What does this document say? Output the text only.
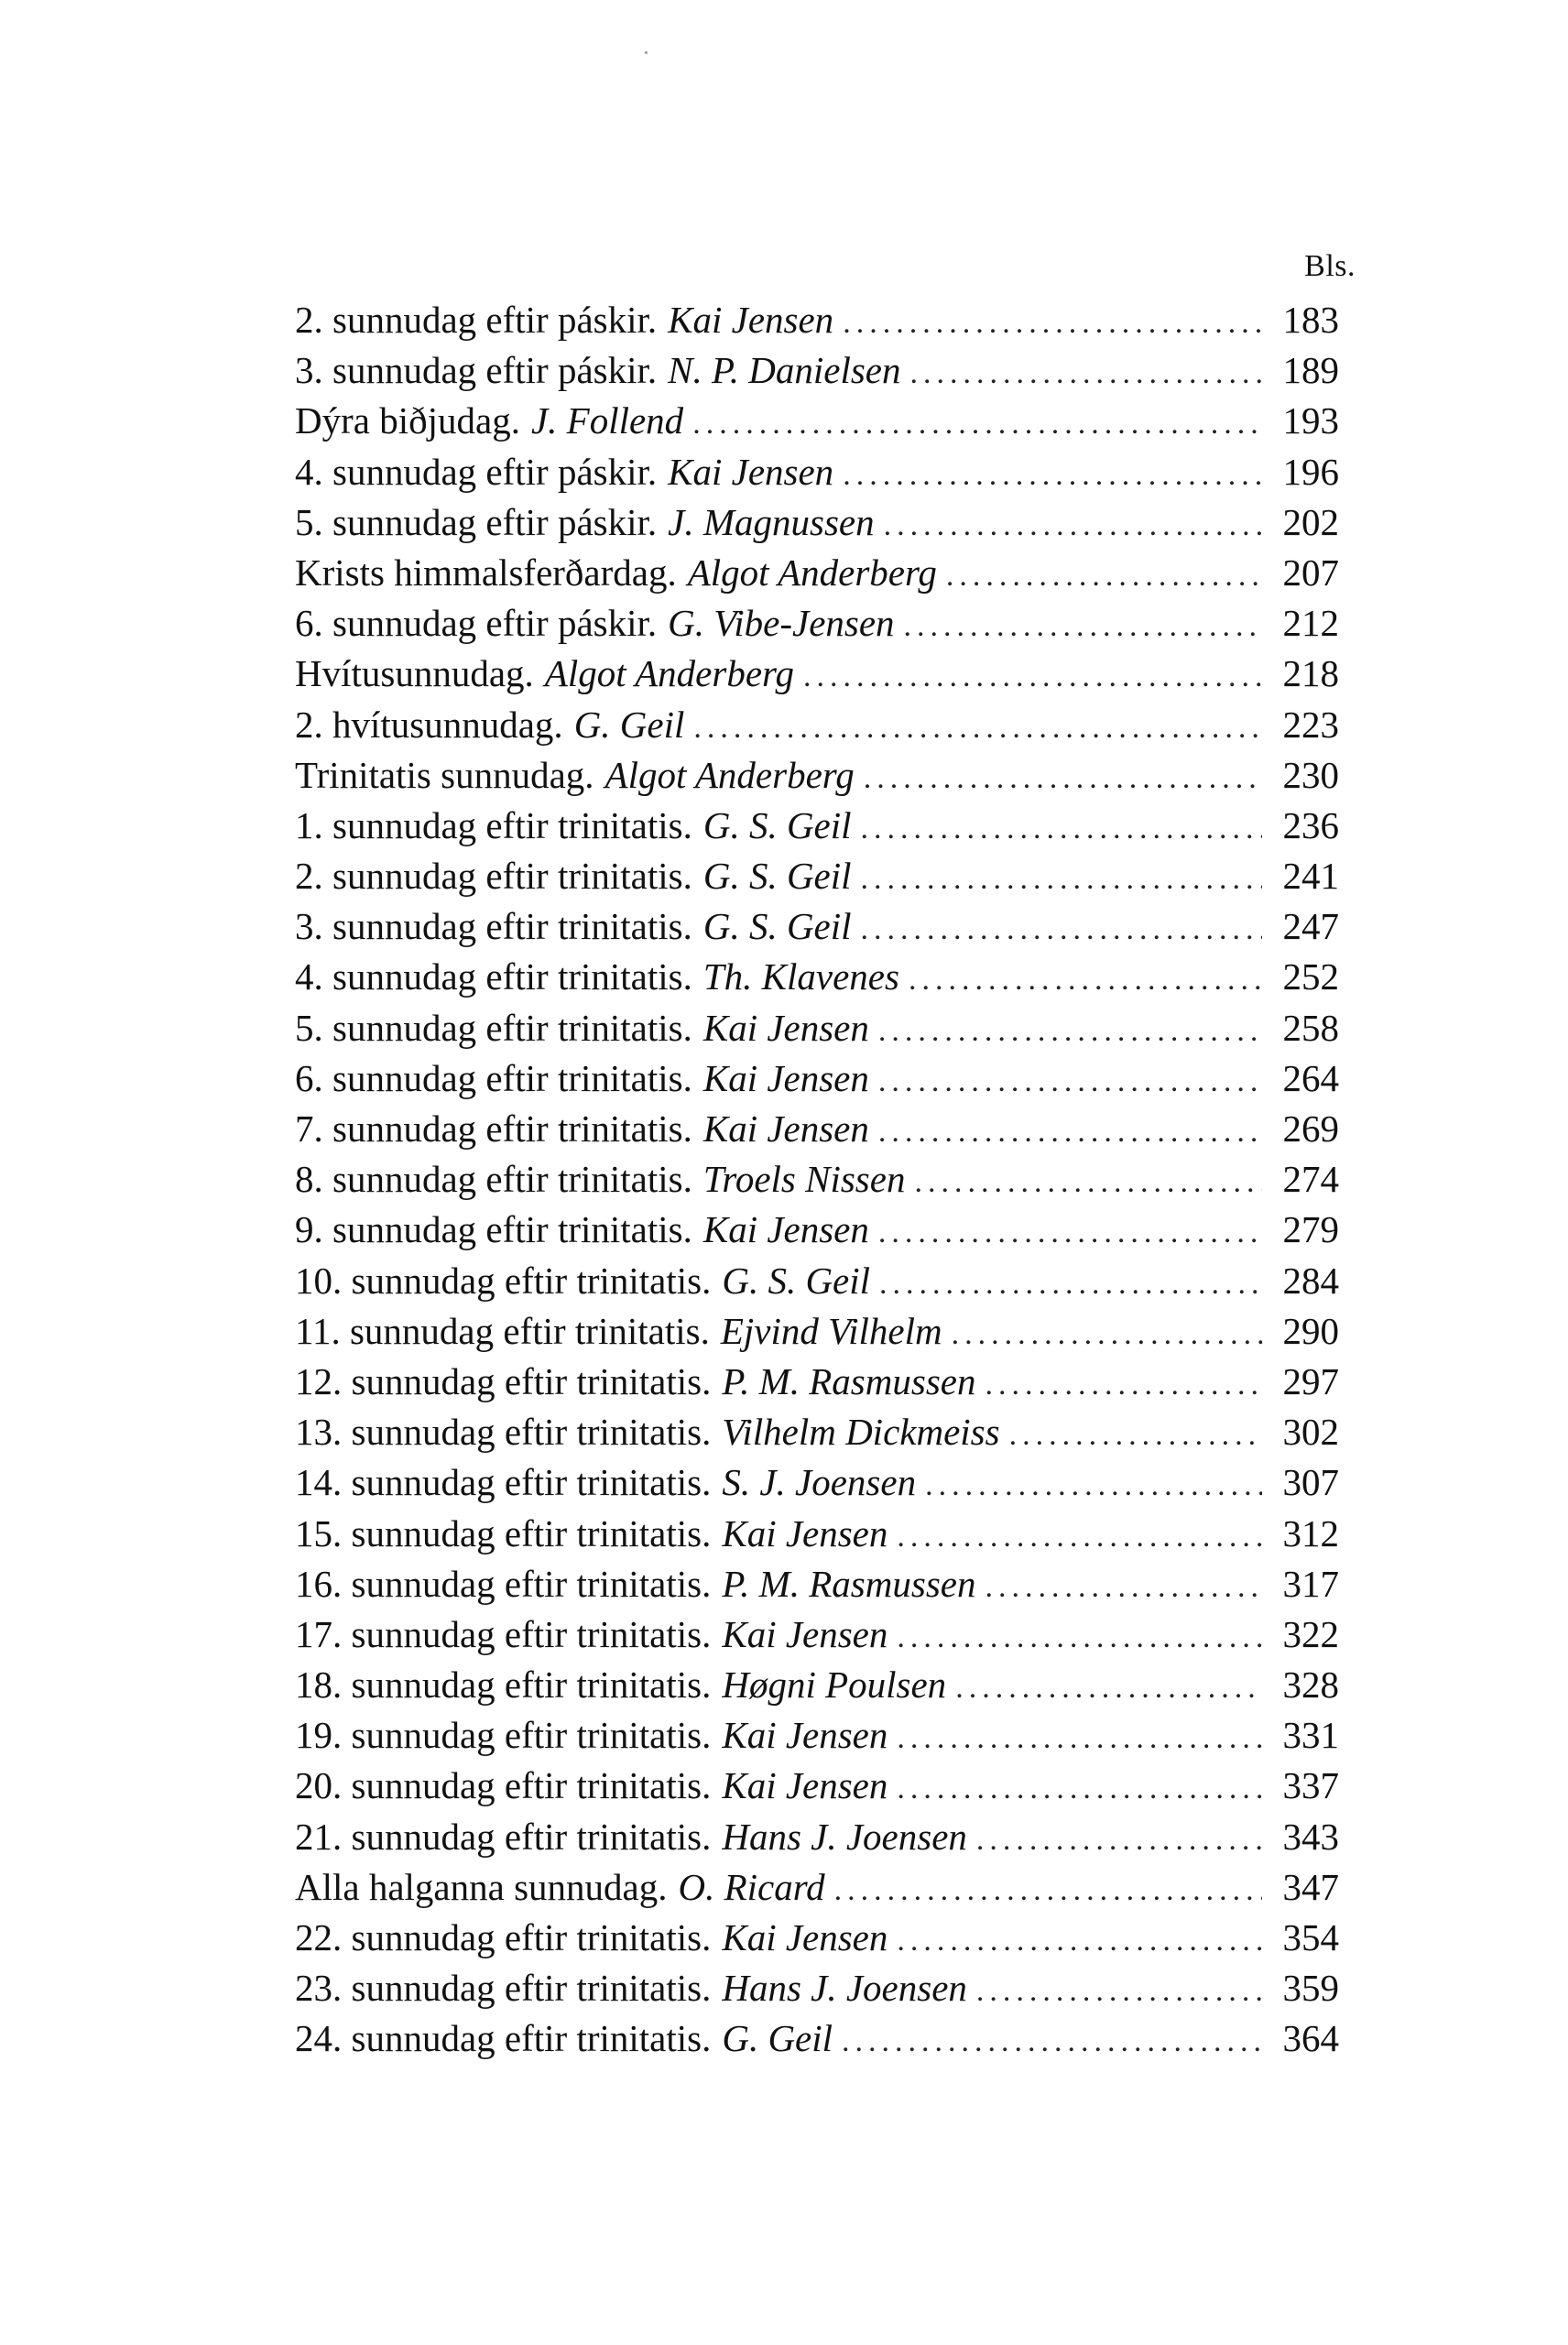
Bls.
2. sunnudag eftir páskir. Kai Jensen .....	183
3. sunnudag eftir páskir. N. P. Danielsen .....	189
Dýra biðjudag. J. Follend .....	193
4. sunnudag eftir páskir. Kai Jensen .....	196
5. sunnudag eftir páskir. J. Magnussen .....	202
Krists himmalsferðardag. Algot Anderberg .....	207
6. sunnudag eftir páskir. G. Vibe-Jensen .....	212
Hvítusunnudag. Algot Anderberg .....	218
2. hvítusunnudag. G. Geil .....	223
Trinitatis sunnudag. Algot Anderberg .....	230
1. sunnudag eftir trinitatis. G. S. Geil .....	236
2. sunnudag eftir trinitatis. G. S. Geil .....	241
3. sunnudag eftir trinitatis. G. S. Geil .....	247
4. sunnudag eftir trinitatis. Th. Klavenes .....	252
5. sunnudag eftir trinitatis. Kai Jensen .....	258
6. sunnudag eftir trinitatis. Kai Jensen .....	264
7. sunnudag eftir trinitatis. Kai Jensen .....	269
8. sunnudag eftir trinitatis. Troels Nissen .....	274
9. sunnudag eftir trinitatis. Kai Jensen .....	279
10. sunnudag eftir trinitatis. G. S. Geil .....	284
11. sunnudag eftir trinitatis. Ejvind Vilhelm .....	290
12. sunnudag eftir trinitatis. P. M. Rasmussen .....	297
13. sunnudag eftir trinitatis. Vilhelm Dickmeiss .....	302
14. sunnudag eftir trinitatis. S. J. Joensen .....	307
15. sunnudag eftir trinitatis. Kai Jensen .....	312
16. sunnudag eftir trinitatis. P. M. Rasmussen .....	317
17. sunnudag eftir trinitatis. Kai Jensen .....	322
18. sunnudag eftir trinitatis. Høgni Poulsen .....	328
19. sunnudag eftir trinitatis. Kai Jensen .....	331
20. sunnudag eftir trinitatis. Kai Jensen .....	337
21. sunnudag eftir trinitatis. Hans J. Joensen .....	343
Alla halganna sunnudag. O. Ricard .....	347
22. sunnudag eftir trinitatis. Kai Jensen .....	354
23. sunnudag eftir trinitatis. Hans J. Joensen .....	359
24. sunnudag eftir trinitatis. G. Geil .....	364
